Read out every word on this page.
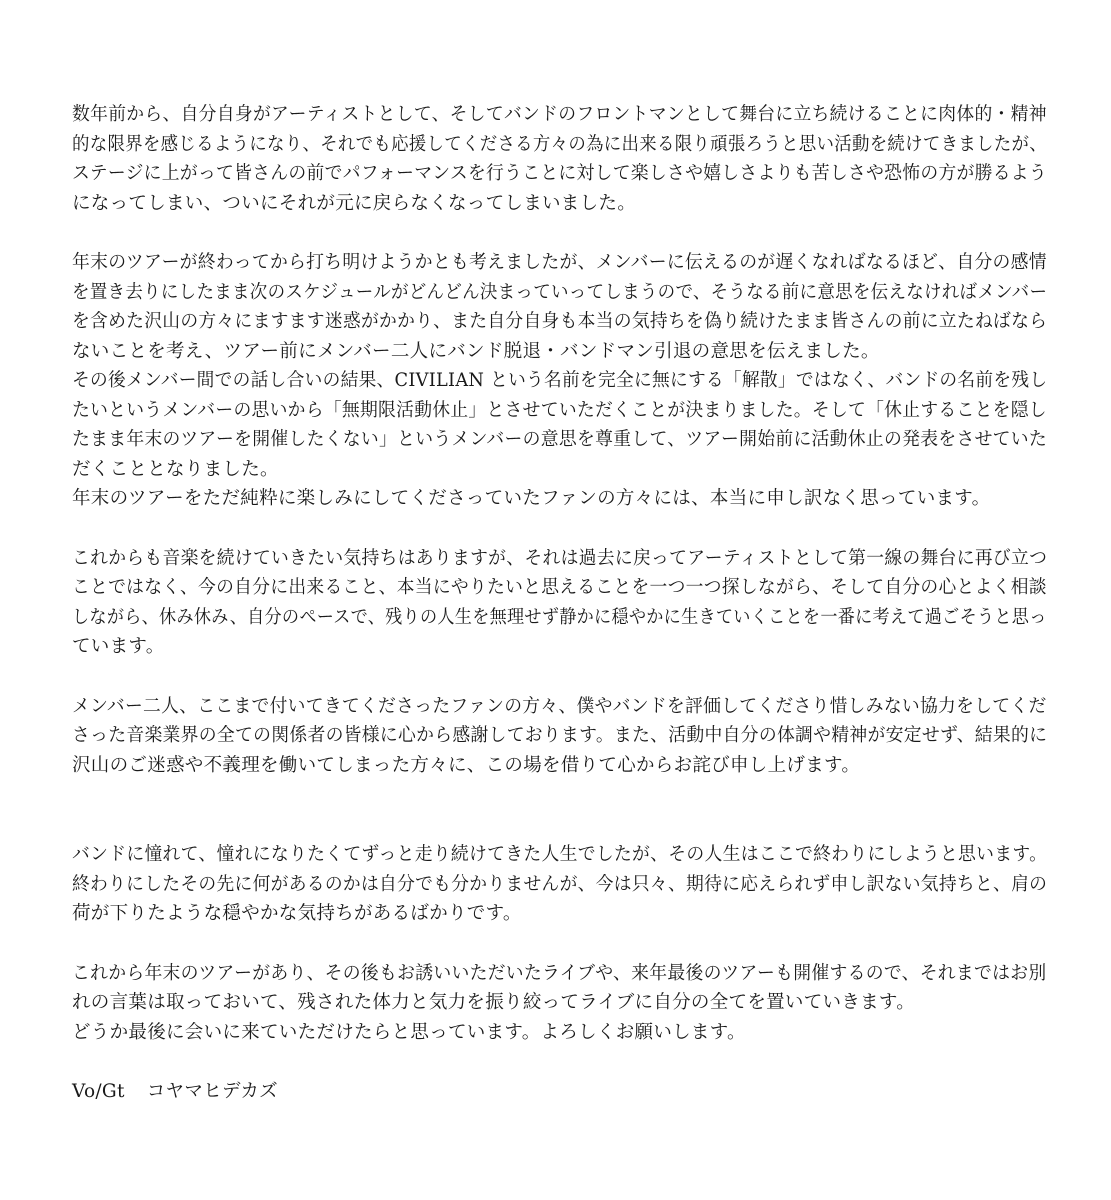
数年前から、自分自身がアーティストとして、そしてバンドのフロントマンとして舞台に立ち続けることに肉体的・精神
的な限界を感じるようになり、それでも応援してくださる方々の為に出来る限り頑張ろうと思い活動を続けてきましたが、
ステージに上がって皆さんの前でパフォーマンスを行うことに対して楽しさや嬉しさよりも苦しさや恐怖の方が勝るよう
になってしまい、ついにそれが元に戻らなくなってしまいました。
年末のツアーが終わってから打ち明けようかとも考えましたが、メンバーに伝えるのが遅くなればなるほど、自分の感情
を置き去りにしたまま次のスケジュールがどんどん決まっていってしまうので、そうなる前に意思を伝えなければメンバー
を含めた沢山の方々にますます迷惑がかかり、また自分自身も本当の気持ちを偽り続けたまま皆さんの前に立たねばなら
ないことを考え、ツアー前にメンバー二人にバンド脱退・バンドマン引退の意思を伝えました。
その後メンバー間での話し合いの結果、CIVILIAN という名前を完全に無にする「解散」ではなく、バンドの名前を残し
たいというメンバーの思いから「無期限活動休止」とさせていただくことが決まりました。そして「休止することを隠し
たまま年末のツアーを開催したくない」というメンバーの意思を尊重して、ツアー開始前に活動休止の発表をさせていた
だくこととなりました。
年末のツアーをただ純粋に楽しみにしてくださっていたファンの方々には、本当に申し訳なく思っています。
これからも音楽を続けていきたい気持ちはありますが、それは過去に戻ってアーティストとして第一線の舞台に再び立つ
ことではなく、今の自分に出来ること、本当にやりたいと思えることを一つ一つ探しながら、そして自分の心とよく相談
しながら、休み休み、自分のペースで、残りの人生を無理せず静かに穏やかに生きていくことを一番に考えて過ごそうと思っ
ています。
メンバー二人、ここまで付いてきてくださったファンの方々、僕やバンドを評価してくださり惜しみない協力をしてくだ
さった音楽業界の全ての関係者の皆様に心から感謝しております。また、活動中自分の体調や精神が安定せず、結果的に
沢山のご迷惑や不義理を働いてしまった方々に、この場を借りて心からお詫び申し上げます。
バンドに憧れて、憧れになりたくてずっと走り続けてきた人生でしたが、その人生はここで終わりにしようと思います。
終わりにしたその先に何があるのかは自分でも分かりませんが、今は只々、期待に応えられず申し訳ない気持ちと、肩の
荷が下りたような穏やかな気持ちがあるばかりです。
これから年末のツアーがあり、その後もお誘いいただいたライブや、来年最後のツアーも開催するので、それまではお別
れの言葉は取っておいて、残された体力と気力を振り絞ってライブに自分の全てを置いていきます。
どうか最後に会いに来ていただけたらと思っています。よろしくお願いします。
Vo/Gt コヤマヒデカズ
